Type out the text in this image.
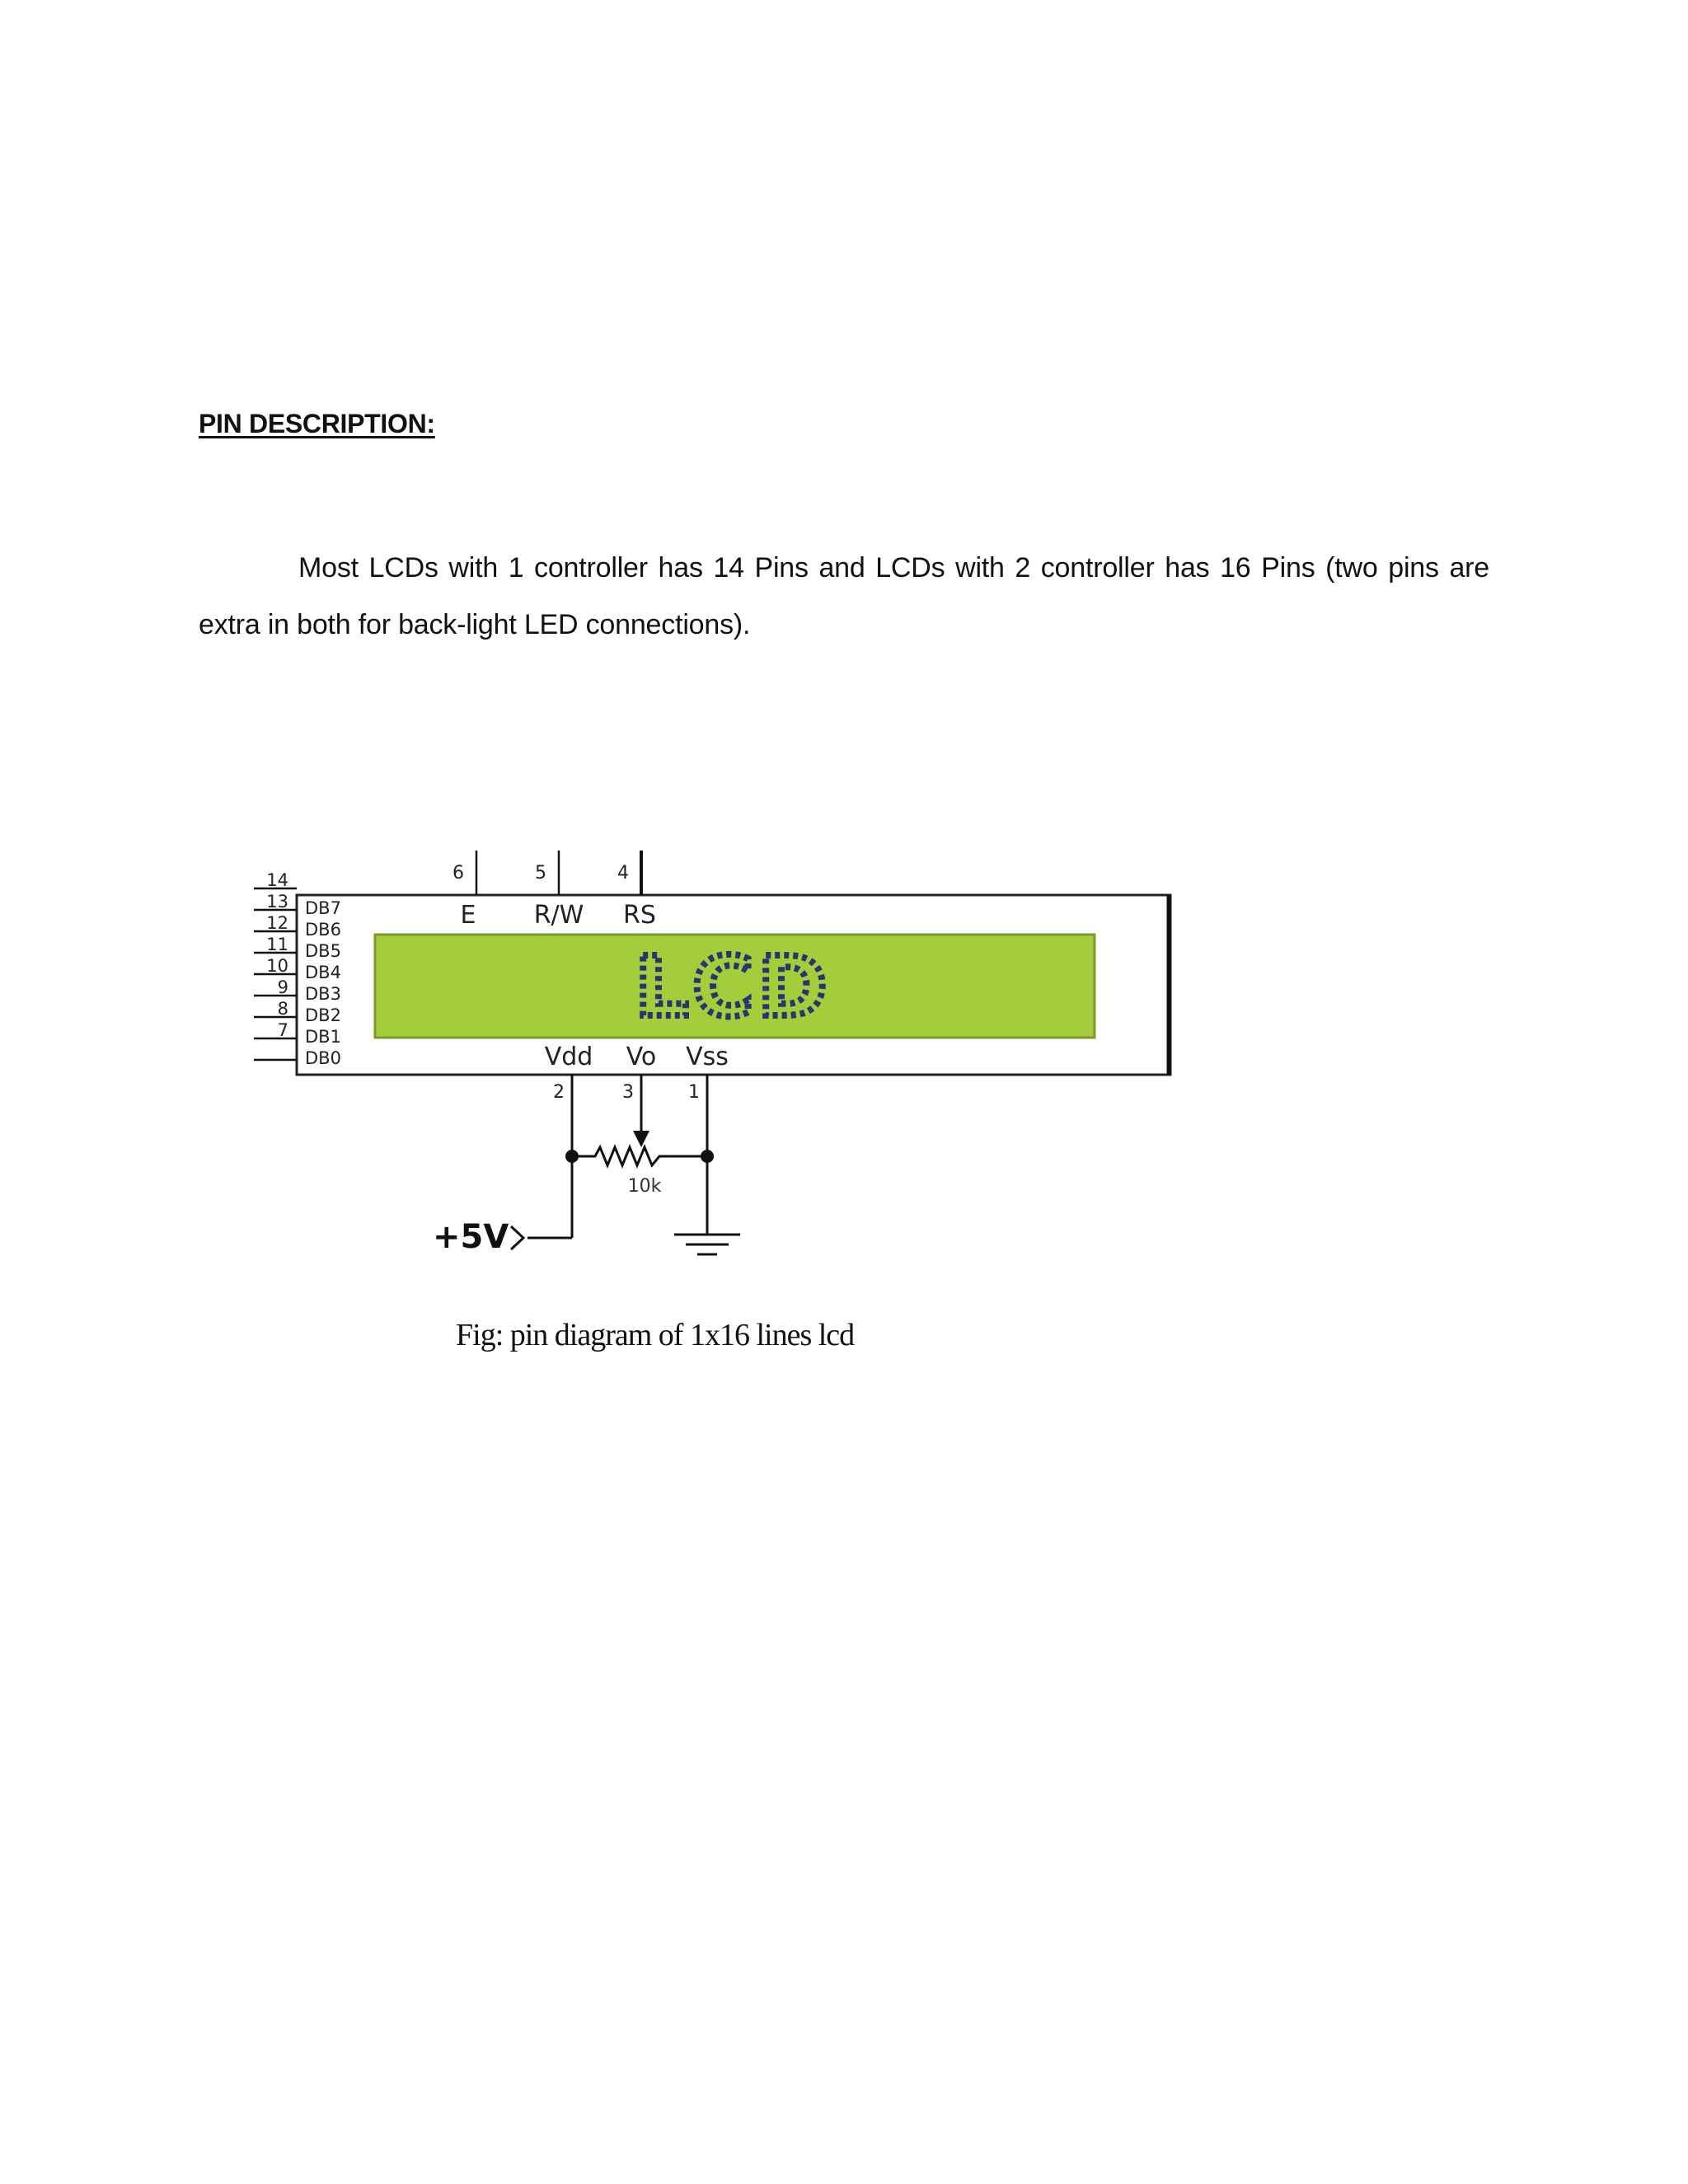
PIN DESCRIPTION:
Most LCDs with 1 controller has 14 Pins and LCDs with 2 controller has 16 Pins (two pins are extra in both for back-light LED connections).
LCD
14
13 DB7
12 DB6
11 DB5
10 DB4
9 DB3
8 DB2
7 DB1
DB0
6
E
5
R/W
4
RS
Vdd
2
Vo
3
Vss
1
10k
+5V
Fig: pin diagram of 1x16 lines lcd
